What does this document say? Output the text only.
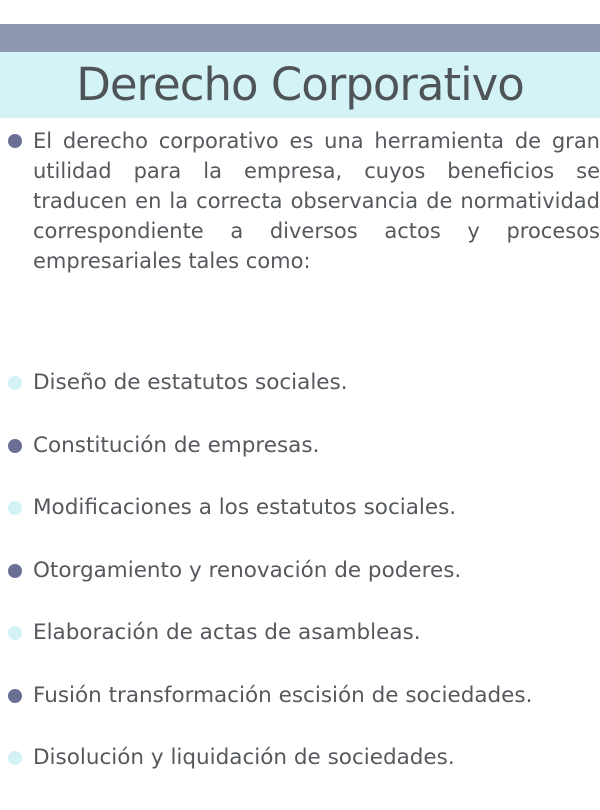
Derecho Corporativo

El derecho corporativo es una herramienta de gran utilidad para la empresa, cuyos beneficios se traducen en la correcta observancia de normatividad correspondiente a diversos actos y procesos empresariales tales como:

Diseño de estatutos sociales.
Constitución de empresas.
Modificaciones a los estatutos sociales.
Otorgamiento y renovación de poderes.
Elaboración de actas de asambleas.
Fusión transformación escisión de sociedades.
Disolución y liquidación de sociedades.
